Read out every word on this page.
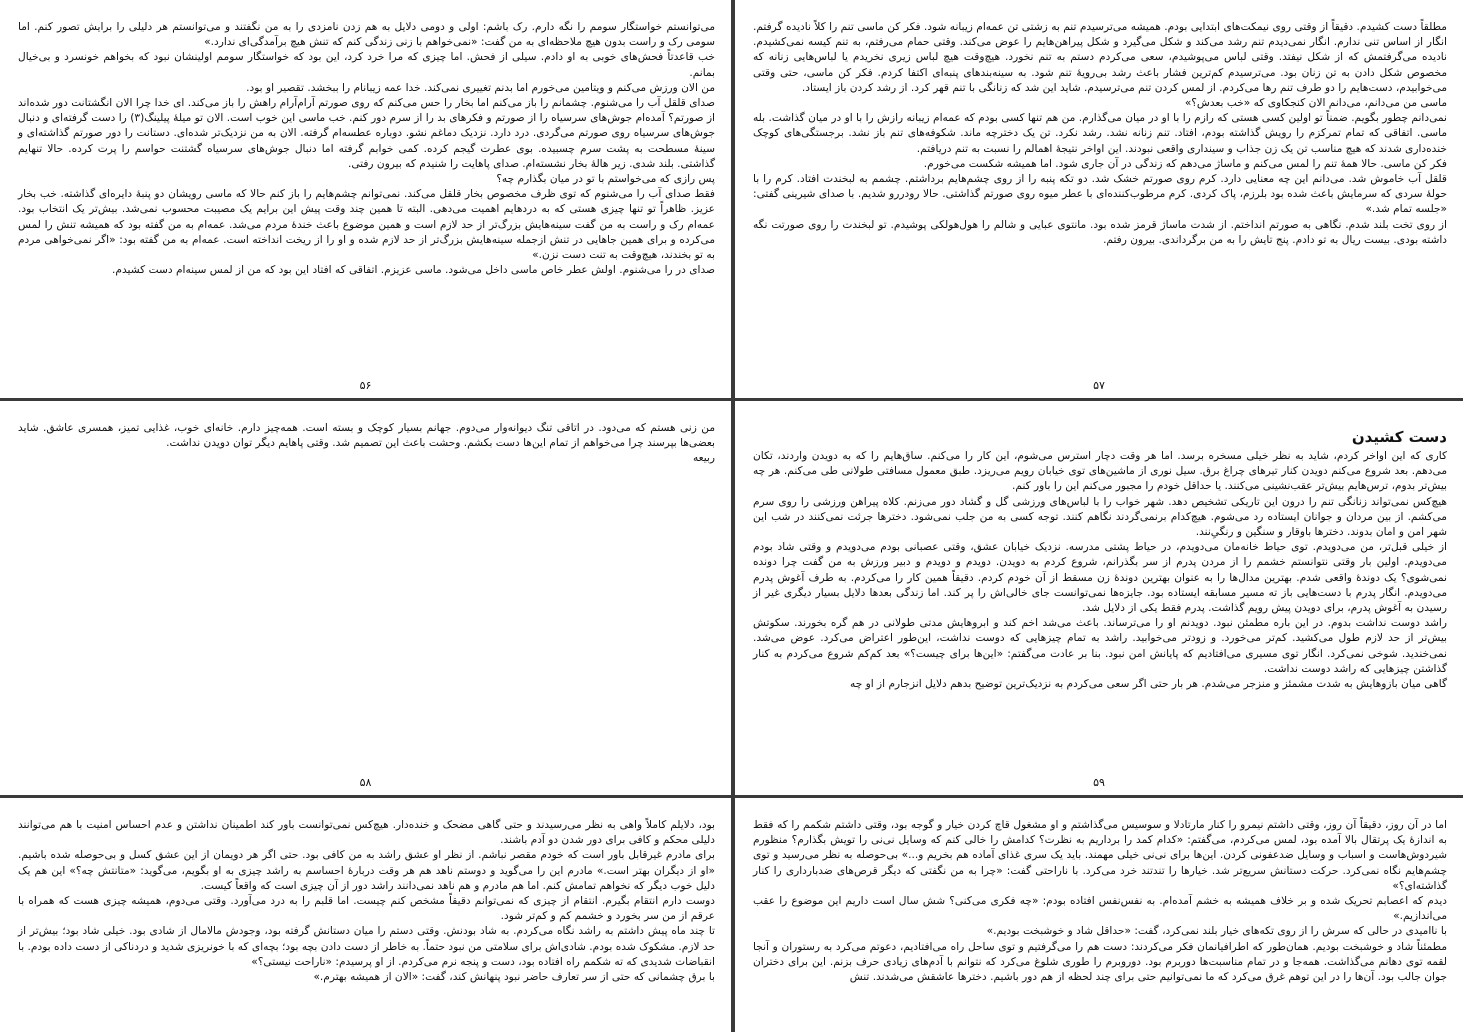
مطلقاً دست کشیدم. دقیقاً از وقتی روی نیمکت‌های ابتدایی بودم. همیشه می‌ترسیدم تنم به زشتی تن عمه‌ام زیبانه شود. فکر کن ماسی تنم را کلاً نادیده گرفتم. انگار از اساس تنی ندارم. انگار نمی‌دیدم تنم رشد می‌کند و شکل می‌گیرد و شکل پیراهن‌هایم را عوض می‌کند. وقتی حمام می‌رفتم، به تنم کیسه نمی‌کشیدم. نادیده می‌گرفتمش که از شکل نیفتد. وقتی لباس می‌پوشیدم، سعی می‌کردم دستم به تنم نخورد. هیچ‌وقت هیچ لباس زیری نخریدم یا لباس‌هایی زنانه که مخصوص شکل دادن به تن زنان بود. می‌ترسیدم کم‌ترین فشار باعث رشد بی‌رویهٔ تنم شود. به سینه‌بندهای پنبه‌ای اکتفا کردم. فکر کن ماسی، حتی وقتی می‌خوابیدم، دست‌هایم را دو طرف تنم رها می‌کردم. از لمس کردن تنم می‌ترسیدم. شاید این شد که زنانگی با تنم قهر کرد. از رشد کردن باز ایستاد.

ماسی من می‌دانم، می‌دانم الان کنجکاوی که «خب بعدش؟»

نمی‌دانم چطور بگویم. ضمناً تو اولین کسی هستی که رازم را با او در میان می‌گذارم. من هم تنها کسی بودم که عمه‌ام زیبانه رازش را با او در میان گذاشت. بله ماسی. اتفاقی که تمام تمرکزم را رویش گذاشته بودم، افتاد. تنم زنانه نشد. رشد نکرد. تن یک دخترچه ماند. شکوفه‌های تنم باز نشد. برجستگی‌های کوچک خنده‌داری شدند که هیچ مناسب تن یک زن جذاب و سینداری واقعی نبودند. این اواخر نتیجهٔ اهمالم را نسبت به تنم دریافتم.

فکر کن ماسی. حالا همهٔ تنم را لمس می‌کنم و ماساژ می‌دهم که زندگی در آن جاری شود. اما همیشه شکست می‌خورم.

قلقل آب خاموش شد. می‌دانم این چه معنایی دارد. کرم روی صورتم خشک شد. دو تکه پنبه را از روی چشم‌هایم برداشتم. چشمم به لبخندت افتاد. کرم را با حولهٔ سردی که سرمایش باعث شده بود بلرزم، پاک کردی. کرم مرطوب‌کننده‌ای با عطر میوه روی صورتم گذاشتی. حالا رودررو شدیم. با صدای شیرینی گفتی: «جلسه تمام شد.»

از روی تخت بلند شدم. نگاهی به صورتم انداختم. از شدت ماساژ قرمز شده بود. مانتوی عبایی و شالم را هول‌هولکی پوشیدم. تو لبخندت را روی صورتت نگه داشته بودی. بیست ریال به تو دادم. پنج تایش را به من برگرداندی. بیرون رفتم.

۵۷

می‌توانستم خواستگار سومم را نگه دارم. رک باشم: اولی و دومی دلایل به هم زدن نامزدی را به من نگفتند و می‌توانستم هر دلیلی را برایش تصور کنم. اما سومی رک و راست بدون هیچ ملاحظه‌ای به من گفت: «نمی‌خواهم با زنی زندگی کنم که تنش هیچ برآمدگی‌ای ندارد.»

خب قاعدتاً فحش‌های خوبی به او دادم. سیلی از فحش. اما چیزی که مرا خرد کرد، این بود که خواستگار سومم اولینشان نبود که بخواهم خونسرد و بی‌خیال بمانم.

من الان ورزش می‌کنم و ویتامین می‌خورم اما بدنم تغییری نمی‌کند. خدا عمه زیبانام را ببخشد. تقصیر او بود.

صدای قلقل آب را می‌شنوم. چشمانم را باز می‌کنم اما بخار را حس می‌کنم که روی صورتم آرام‌آرام راهش را باز می‌کند. ای خدا چرا الان انگشتانت دور شده‌اند از صورتم؟ آمده‌ام جوش‌های سرسیاه را از صورتم و فکرهای بد را از سرم دور کنم. خب ماسی این خوب است. الان تو میلهٔ پیلینگ(۳) را دست گرفته‌ای و دنبال جوش‌های سرسیاه روی صورتم می‌گردی. درد دارد. نزدیک دماغم نشو. دوباره عطسه‌ام گرفته. الان به من نزدیک‌تر شده‌ای. دستانت را دور صورتم گذاشته‌ای و سینهٔ مسطحت به پشت سرم چسبیده. بوی عطرت گیجم کرده. کمی خوابم گرفته اما دنبال جوش‌های سرسیاه گشتنت حواسم را پرت کرده. حالا تنهایم گذاشتی. بلند شدی. زیر هالهٔ بخار نشسته‌ام. صدای پاهایت را شنیدم که بیرون رفتی.

پس رازی که می‌خواستم با تو در میان بگذارم چه؟

فقط صدای آب را می‌شنوم که توی ظرف مخصوص بخار قلقل می‌کند. نمی‌توانم چشم‌هایم را باز کنم حالا که ماسی رویشان دو پنبهٔ دایره‌ای گذاشته. خب بخار عزیز. ظاهراً تو تنها چیزی هستی که به دردهایم اهمیت می‌دهی. البته تا همین چند وقت پیش این برایم یک مصیبت محسوب نمی‌شد. بیش‌تر یک انتخاب بود. عمه‌ام رک و راست به من گفت سینه‌هایش بزرگ‌تر از حد لازم است و همین موضوع باعث خندهٔ مردم می‌شد. عمه‌ام به من گفته بود که همیشه تنش را لمس می‌کرده و برای همین جاهایی در تنش ازجمله سینه‌هایش بزرگ‌تر از حد لازم شده و او را از ریخت انداخته است. عمه‌ام به من گفته بود: «اگر نمی‌خواهی مردم به تو بخندند، هیچ‌وقت به تنت دست نزن.»

صدای در را می‌شنوم. اولش عطر خاص ماسی داخل می‌شود. ماسی عزیزم. اتفاقی که افتاد این بود که من از لمس سینه‌ام دست کشیدم.

۵۶
دست کشیدن

کاری که این اواخر کردم، شاید به نظر خیلی مسخره برسد. اما هر وقت دچار استرس می‌شوم، این کار را می‌کنم. ساق‌هایم را که به دویدن واردند، تکان می‌دهم. بعد شروع می‌کنم دویدن کنار تیرهای چراغ برق. سیل نوری از ماشین‌های توی خیابان رویم می‌ریزد. طبق معمول مسافتی طولانی طی می‌کنم. هر چه بیش‌تر بدوم، ترس‌هایم بیش‌تر عقب‌نشینی می‌کنند. یا حداقل خودم را مجبور می‌کنم این را باور کنم.

هیچ‌کس نمی‌تواند زنانگی تنم را درون این تاریکی تشخیص دهد. شهر خواب را با لباس‌های ورزشی گل و گشاد دور می‌زنم. کلاه پیراهن ورزشی را روی سرم می‌کشم. از بین مردان و جوانان ایستاده رد می‌شوم. هیچ‌کدام برنمی‌گردند نگاهم کنند. توجه کسی به من جلب نمی‌شود. دخترها جرئت نمی‌کنند در شب این شهر امن و امان بدوند. دخترها باوقار و سنگین و رنگیِ‌نند.

از خیلی قبل‌تر، من می‌دویدم. توی حیاط خانه‌مان می‌دویدم، در حیاط پشتی مدرسه. نزدیک خیابان عشق، وقتی عصبانی بودم می‌دویدم و وقتی شاد بودم می‌دویدم. اولین بار وقتی نتوانستم خشمم را از مردن پدرم از سر بگذرانم، شروع کردم به دویدن. دویدم و دویدم و دبیر ورزش به من گفت چرا دونده نمی‌شوی؟ یک دوندهٔ واقعی شدم. بهترین مدال‌ها را به عنوان بهترین دوندهٔ زن مسقط از آن خودم کردم. دقیقاً همین کار را می‌کردم. به طرف آغوش پدرم می‌دویدم. انگار پدرم با دست‌هایی باز ته مسیر مسابقه ایستاده بود. جایزه‌ها نمی‌توانست جای خالی‌اش را پر کند. اما زندگی بعدها دلایل بسیار دیگری غیر از رسیدن به آغوش پدرم، برای دویدن پیش رویم گذاشت. پدرم فقط یکی از دلایل شد.

راشد دوست نداشت بدوم. در این باره مطمئن نبود. دویدنم او را می‌ترساند. باعث می‌شد اخم کند و ابروهایش مدتی طولانی در هم گره بخورند. سکوتش بیش‌تر از حد لازم طول می‌کشید. کم‌تر می‌خورد. و زودتر می‌خوابید. راشد به تمام چیزهایی که دوست نداشت، این‌طور اعتراض می‌کرد. عوض می‌شد. نمی‌خندید. شوخی نمی‌کرد. انگار توی مسیری می‌افتادیم که پایانش امن نبود. بنا بر عادت می‌گفتم: «این‌ها برای چیست؟» بعد کم‌کم شروع می‌کردم به کنار گذاشتن چیزهایی که راشد دوست نداشت.

گاهی میان بازوهایش به شدت مشمئز و منزجر می‌شدم. هر بار حتی اگر سعی می‌کردم به نزدیک‌ترین توضیح بدهم دلایل انزجارم از او چه

۵۹

من زنی هستم که می‌دود. در اتاقی تنگ دیوانه‌وار می‌دوم. جهانم بسیار کوچک و بسته است. همه‌چیز دارم. خانه‌ای خوب، غذایی تمیز، همسری عاشق. شاید بعضی‌ها بپرسند چرا می‌خواهم از تمام این‌ها دست بکشم. وحشت باعث این تصمیم شد. وقتی پاهایم دیگر توان دویدن نداشت.

ربیعه

۵۸

اما در آن روز، دقیقاً آن روز، وقتی داشتم نیمرو را کنار مارتادلا و سوسیس می‌گذاشتم و او مشغول قاچ کردن خیار و گوجه بود، وقتی داشتم شکمم را که فقط به اندازهٔ یک پرتقال بالا آمده بود، لمس می‌کردم، می‌گفتم: «کدام کمد را برداریم به نظرت؟ کدامش را خالی کنم که وسایل نی‌نی را تویش بگذارم؟ منظورم شیردوش‌هاست و اسباب و وسایل ضدعفونی کردن. این‌ها برای نی‌نی خیلی مهمند. باید یک سری غذای آماده هم بخریم و...» بی‌حوصله به نظر می‌رسید و توی چشم‌هایم نگاه نمی‌کرد. حرکت دستانش سریع‌تر شد. خیارها را تندتند خرد می‌کرد. با ناراحتی گفت: «چرا به من نگفتی که دیگر قرص‌های ضدبارداری را کنار گذاشته‌ای؟»

دیدم که اعصابم تحریک شده و بر خلاف همیشه به خشم آمده‌ام. به نفس‌نفس افتاده بودم: «چه فکری می‌کنی؟ شش سال است داریم این موضوع را عقب می‌اندازیم.»

با ناامیدی در حالی که سرش را از روی تکه‌های خیار بلند نمی‌کرد، گفت: «حداقل شاد و خوشبخت بودیم.»

مطمئناً شاد و خوشبخت بودیم. همان‌طور که اطرافیانمان فکر می‌کردند: دست هم را می‌گرفتیم و توی ساحل راه می‌افتادیم، دعوتم می‌کرد به رستوران و آنجا لقمه توی دهانم می‌گذاشت. همه‌جا و در تمام مناسبت‌ها دوربرم بود. دوروبرم را طوری شلوغ می‌کرد که نتوانم با آدم‌های زیادی حرف بزنم. این برای دختران جوان جالب بود. آن‌ها را در این توهم غرق می‌کرد که ما نمی‌توانیم حتی برای چند لحظه از هم دور باشیم. دخترها عاشقش می‌شدند. تنش

بود، دلایلم کاملاً واهی به نظر می‌رسیدند و حتی گاهی مضحک و خنده‌دار. هیچ‌کس نمی‌توانست باور کند اطمینان نداشتن و عدم احساس امنیت با هم می‌توانند دلیلی محکم و کافی برای دور شدن دو آدم باشند.

برای مادرم غیرقابل باور است که خودم مقصر نباشم. از نظر او عشق راشد به من کافی بود. حتی اگر هر دویمان از این عشق کسل و بی‌حوصله شده باشیم. «او از دیگران بهتر است.» مادرم این را می‌گوید و دوستم ناهد هم هر وقت دربارهٔ احساسم به راشد چیزی به او بگویم، می‌گوید: «متانتش چه؟» این هم یک دلیل خوب دیگر که نخواهم تمامش کنم. اما هم مادرم و هم ناهد نمی‌دانند راشد دور از آن چیزی است که واقعاً کیست.

دوست دارم انتقام بگیرم. انتقام از چیزی که نمی‌توانم دقیقاً مشخص کنم چیست. اما قلبم را به درد می‌آورد. وقتی می‌دوم، همیشه چیزی هست که همراه با عرقم از من سر بخورد و خشمم کم و کم‌تر شود.

تا چند ماه پیش داشتم به راشد نگاه می‌کردم. به شاد بودنش. وقتی دستم را میان دستانش گرفته بود، وجودش مالامال از شادی بود. خیلی شاد بود؛ بیش‌تر از حد لازم. مشکوک شده بودم. شادی‌اش برای سلامتی من نبود حتماً. به خاطر از دست دادن بچه بود؛ بچه‌ای که با خونریزی شدید و دردناکی از دست داده بودم. با انقباضات شدیدی که ته شکمم راه افتاده بود، دست و پنجه نرم می‌کردم. از او پرسیدم: «ناراحت نیستی؟»

با برق چشمانی که حتی از سر تعارف حاضر نبود پنهانش کند، گفت: «الان از همیشه بهترم.»
